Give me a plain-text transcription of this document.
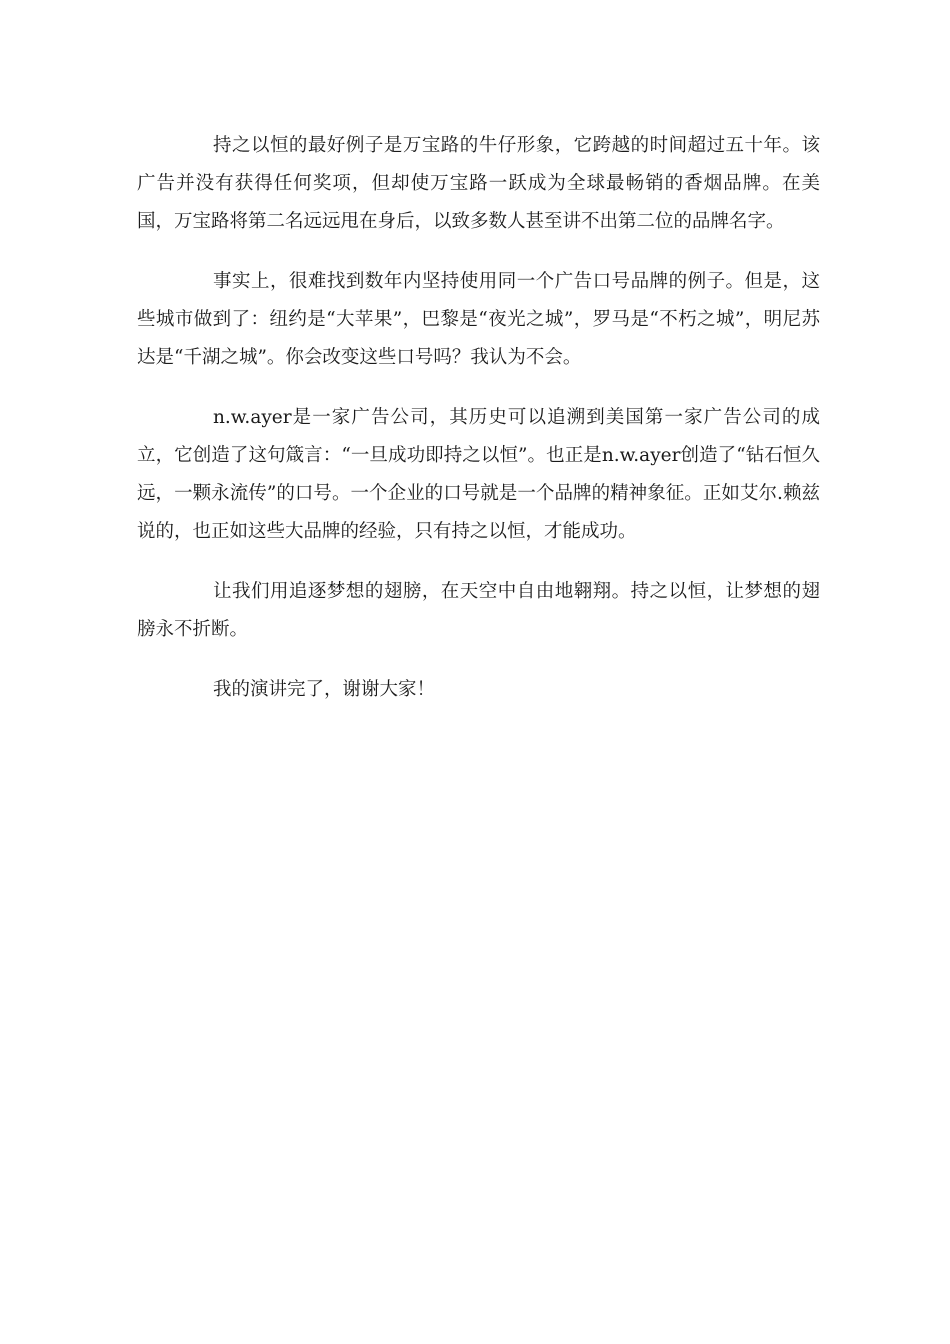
持之以恒的最好例子是万宝路的牛仔形象，它跨越的时间超过五十年。该广告并没有获得任何奖项，但却使万宝路一跃成为全球最畅销的香烟品牌。在美国，万宝路将第二名远远甩在身后，以致多数人甚至讲不出第二位的品牌名字。

事实上，很难找到数年内坚持使用同一个广告口号品牌的例子。但是，这些城市做到了：纽约是“大苹果”，巴黎是“夜光之城”，罗马是“不朽之城”，明尼苏达是“千湖之城”。你会改变这些口号吗？我认为不会。

n.w.ayer是一家广告公司，其历史可以追溯到美国第一家广告公司的成立，它创造了这句箴言：“一旦成功即持之以恒”。也正是n.w.ayer创造了“钻石恒久远，一颗永流传”的口号。一个企业的口号就是一个品牌的精神象征。正如艾尔.赖兹说的，也正如这些大品牌的经验，只有持之以恒，才能成功。

让我们用追逐梦想的翅膀，在天空中自由地翱翔。持之以恒，让梦想的翅膀永不折断。

我的演讲完了，谢谢大家！
